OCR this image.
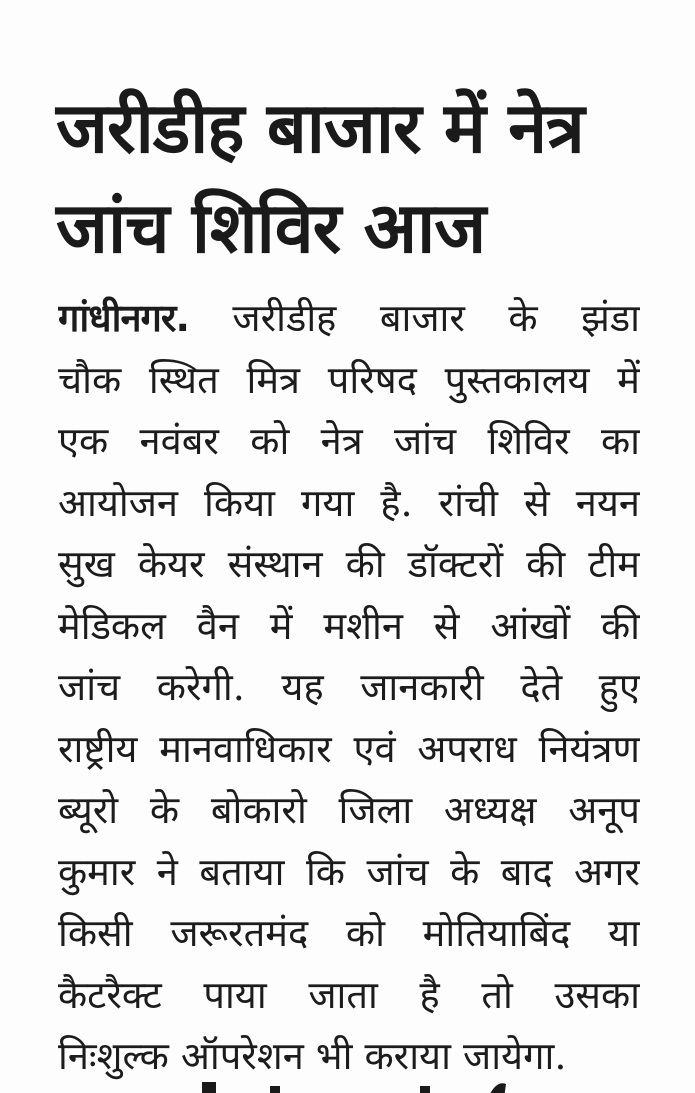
जरीडीह बाजार में नेत्र
जांच शिविर आज
गांधीनगर. जरीडीह बाजार के झंडा
चौक स्थित मित्र परिषद पुस्तकालय में
एक नवंबर को नेत्र जांच शिविर का
आयोजन किया गया है. रांची से नयन
सुख केयर संस्थान की डॉक्टरों की टीम
मेडिकल वैन में मशीन से आंखों की
जांच करेगी. यह जानकारी देते हुए
राष्ट्रीय मानवाधिकार एवं अपराध नियंत्रण
ब्यूरो के बोकारो जिला अध्यक्ष अनूप
कुमार ने बताया कि जांच के बाद अगर
किसी जरूरतमंद को मोतियाबिंद या
कैटरैक्ट पाया जाता है तो उसका
निःशुल्क ऑपरेशन भी कराया जायेगा.
